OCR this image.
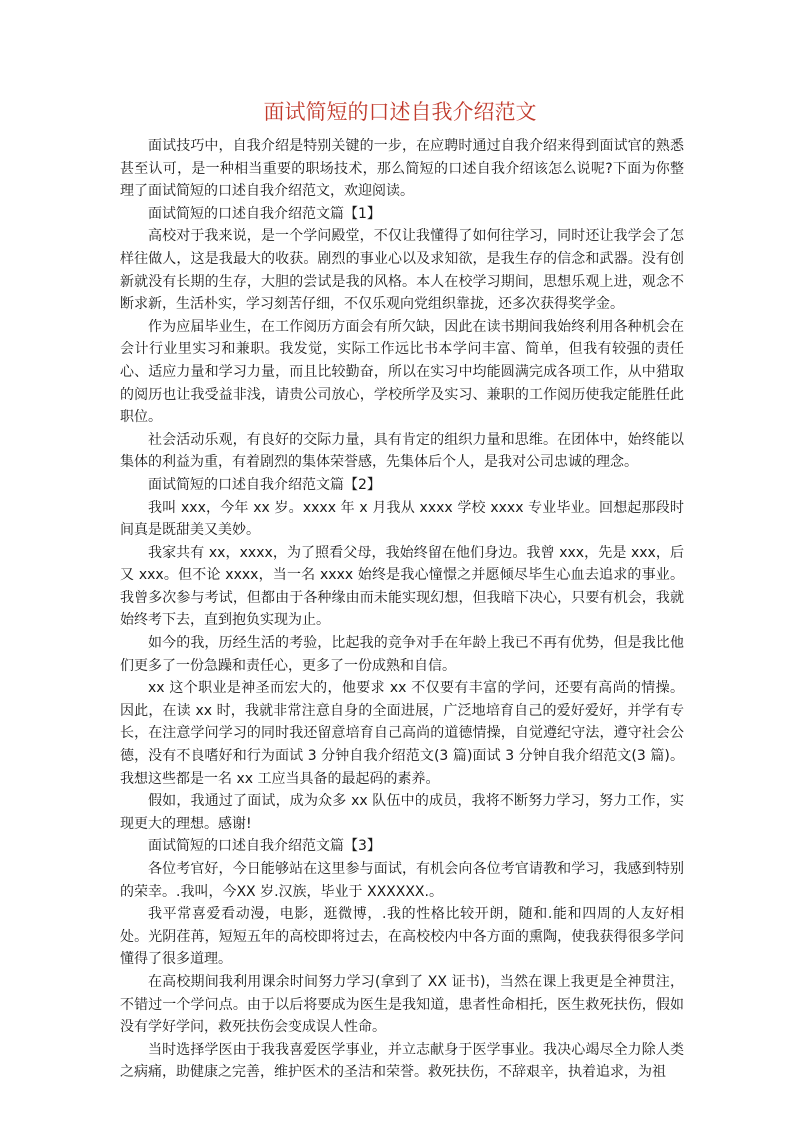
面试简短的口述自我介绍范文

面试技巧中，自我介绍是特别关键的一步，在应聘时通过自我介绍来得到面试官的熟悉甚至认可，是一种相当重要的职场技术，那么简短的口述自我介绍该怎么说呢?下面为你整理了面试简短的口述自我介绍范文，欢迎阅读。

面试简短的口述自我介绍范文篇【1】

高校对于我来说，是一个学问殿堂，不仅让我懂得了如何往学习，同时还让我学会了怎样往做人，这是我最大的收获。剧烈的事业心以及求知欲，是我生存的信念和武器。没有创新就没有长期的生存，大胆的尝试是我的风格。本人在校学习期间，思想乐观上进，观念不断求新，生活朴实，学习刻苦仔细，不仅乐观向党组织靠拢，还多次获得奖学金。

作为应届毕业生，在工作阅历方面会有所欠缺，因此在读书期间我始终利用各种机会在会计行业里实习和兼职。我发觉，实际工作远比书本学问丰富、简单，但我有较强的责任心、适应力量和学习力量，而且比较勤奋，所以在实习中均能圆满完成各项工作，从中猎取的阅历也让我受益非浅，请贵公司放心，学校所学及实习、兼职的工作阅历使我定能胜任此职位。

社会活动乐观，有良好的交际力量，具有肯定的组织力量和思维。在团体中，始终能以集体的利益为重，有着剧烈的集体荣誉感，先集体后个人，是我对公司忠诚的理念。

面试简短的口述自我介绍范文篇【2】

我叫 xxx，今年 xx 岁。xxxx 年 x 月我从 xxxx 学校 xxxx 专业毕业。回想起那段时间真是既甜美又美妙。

我家共有 xx，xxxx，为了照看父母，我始终留在他们身边。我曾 xxx，先是 xxx，后又 xxx。但不论 xxxx，当一名 xxxx 始终是我心憧憬之并愿倾尽毕生心血去追求的事业。我曾多次参与考试，但都由于各种缘由而未能实现幻想，但我暗下决心，只要有机会，我就始终考下去，直到抱负实现为止。

如今的我，历经生活的考验，比起我的竞争对手在年龄上我已不再有优势，但是我比他们更多了一份急躁和责任心，更多了一份成熟和自信。

xx 这个职业是神圣而宏大的，他要求 xx 不仅要有丰富的学问，还要有高尚的情操。因此，在读 xx 时，我就非常注意自身的全面进展，广泛地培育自己的爱好爱好，并学有专长，在注意学问学习的同时我还留意培育自己高尚的道德情操，自觉遵纪守法，遵守社会公德，没有不良嗜好和行为面试 3 分钟自我介绍范文(3 篇)面试 3 分钟自我介绍范文(3 篇)。我想这些都是一名 xx 工应当具备的最起码的素养。

假如，我通过了面试，成为众多 xx 队伍中的成员，我将不断努力学习，努力工作，实现更大的理想。感谢!

面试简短的口述自我介绍范文篇【3】

各位考官好，今日能够站在这里参与面试，有机会向各位考官请教和学习，我感到特别的荣幸。.我叫，今XX 岁.汉族，毕业于 XXXXXX.。

我平常喜爱看动漫，电影，逛微博，.我的性格比较开朗，随和.能和四周的人友好相处。光阴荏苒，短短五年的高校即将过去，在高校校内中各方面的熏陶，使我获得很多学问懂得了很多道理。

在高校期间我利用课余时间努力学习(拿到了 XX 证书)，当然在课上我更是全神贯注，不错过一个学问点。由于以后将要成为医生是我知道，患者性命相托，医生救死扶伤，假如没有学好学问，救死扶伤会变成误人性命。

当时选择学医由于我我喜爱医学事业，并立志献身于医学事业。我决心竭尽全力除人类之病痛，助健康之完善，维护医术的圣洁和荣誉。救死扶伤，不辞艰辛，执着追求，为祖
